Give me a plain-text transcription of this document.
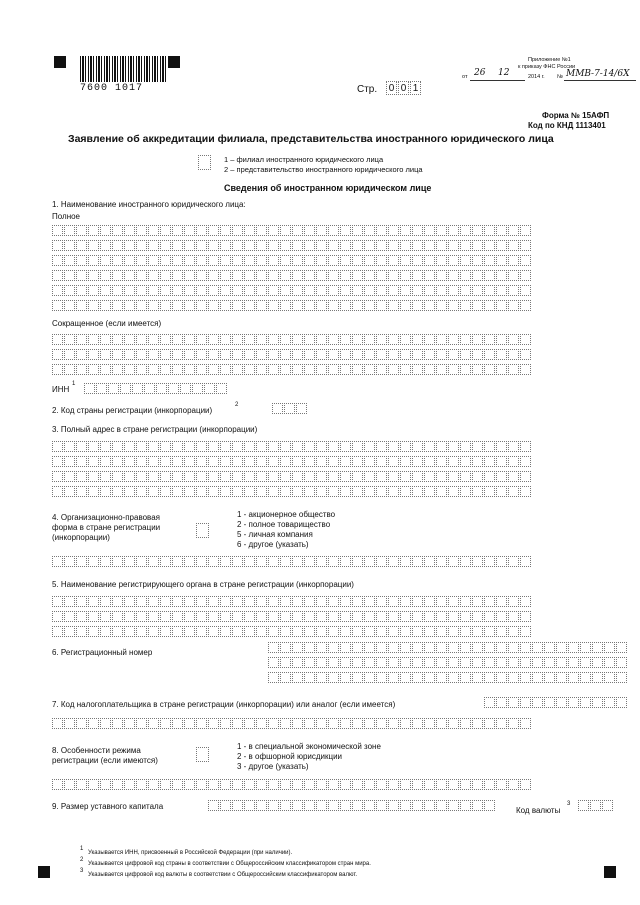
7600 1017	Стр. 0 0 1
Приложение №1
к приказу ФНС России
от 26 12	2014 г. № ММВ-7-14/6Х
Форма № 15АФП
Код по КНД 1113401
Заявление об аккредитации филиала, представительства иностранного юридического лица
1 – филиал иностранного юридического лица
2 – представительство иностранного юридического лица
Сведения об иностранном юридическом лице
1. Наименование иностранного юридического лица:
Полное
Сокращенное (если имеется)
ИНН
1
2. Код страны регистрации (инкорпорации)
2
3. Полный адрес в стране регистрации (инкорпорации)
4. Организационно-правовая
форма в стране регистрации
(инкорпорации)
1 - акционерное общество
2 - полное товарищество
5 - личная компания
6 - другое (указать)
5. Наименование регистрирующего органа в стране регистрации (инкорпорации)
6. Регистрационный номер
7. Код налогоплательщика в стране регистрации (инкорпорации) или аналог (если имеется)
8. Особенности режима
регистрации (если имеются)
1 - в специальной экономической зоне
2 - в офшорной юрисдикции
3 - другое (указать)
9. Размер уставного капитала	Код валюты
3
1
Указывается ИНН, присвоенный в Российской Федерации (при наличии).
2
Указывается цифровой код страны в соответствии с Общероссийским классификатором стран мира.
3
Указывается цифровой код валюты в соответствии с Общероссийским классификатором валют.
